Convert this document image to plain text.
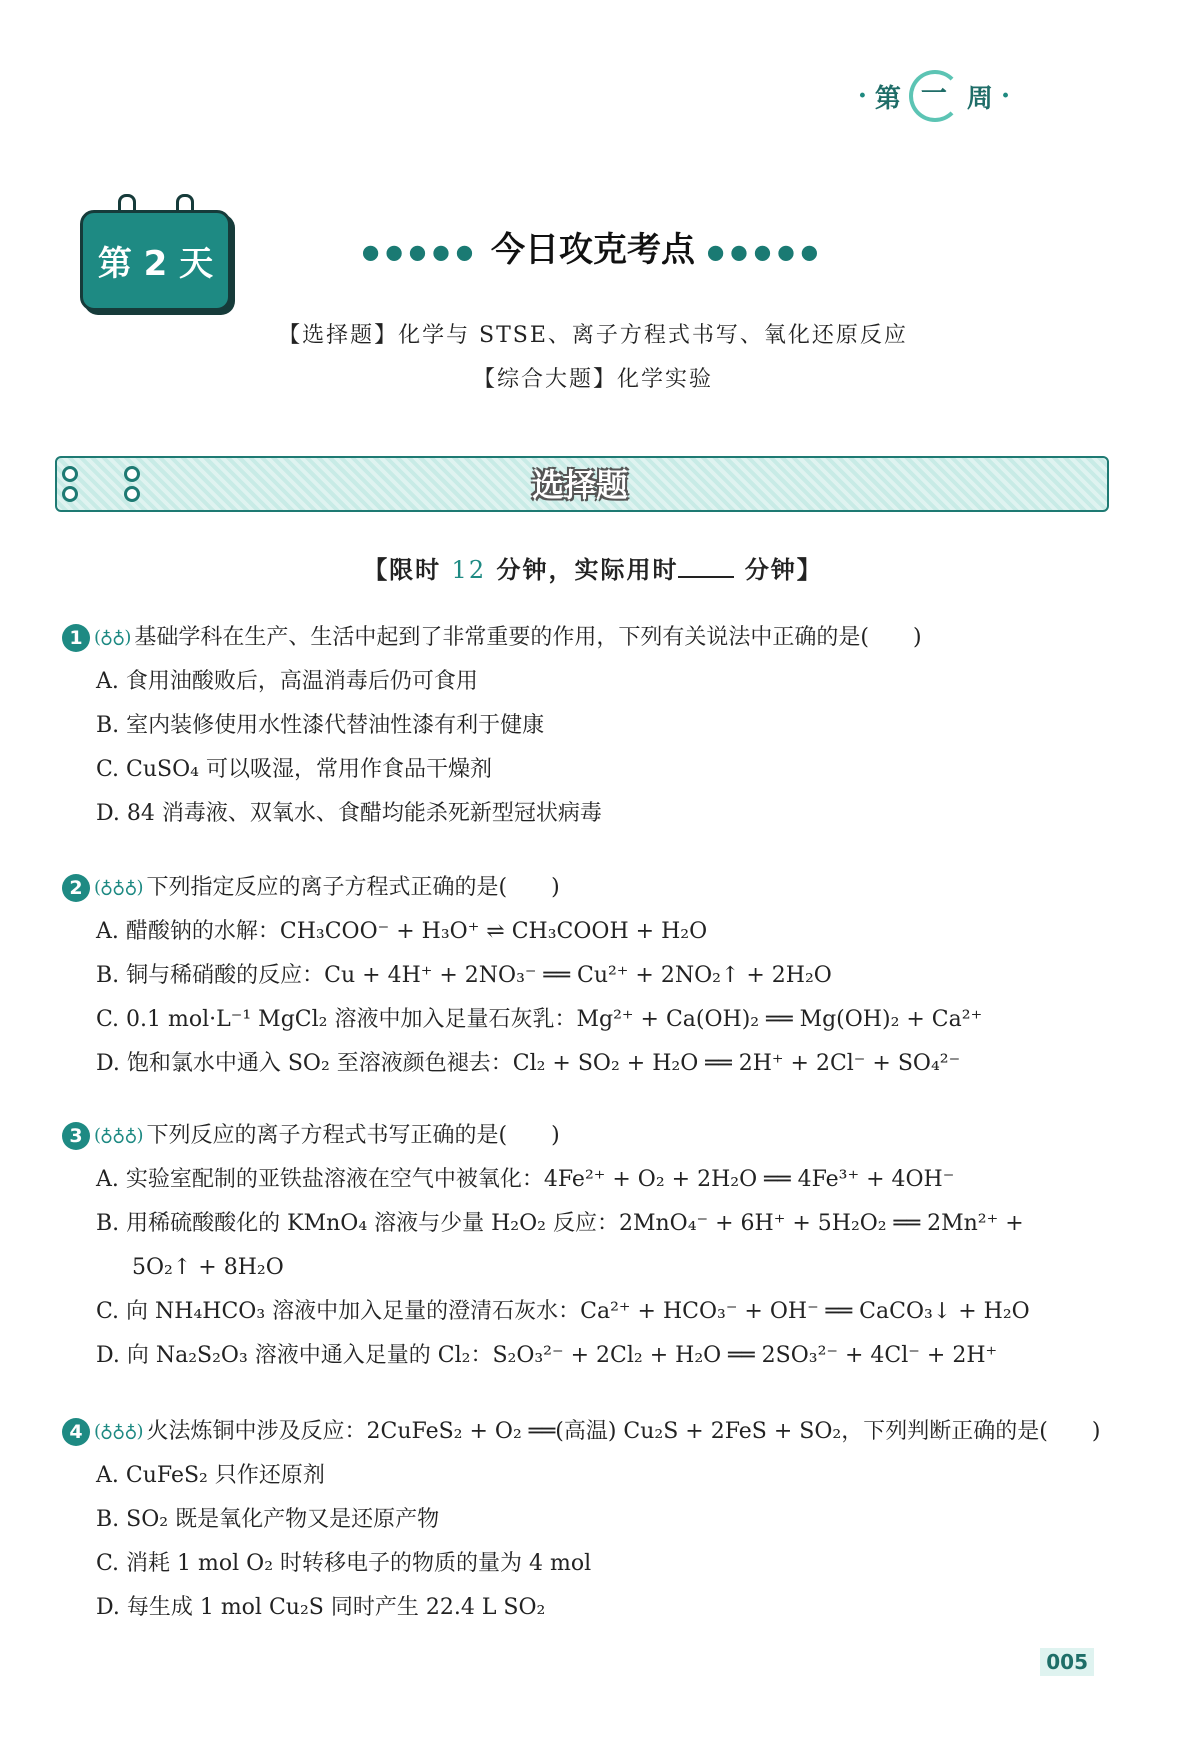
· 第 一 周 ·
第 2 天	●●●●● 今日攻克考点 ●●●●●
【选择题】化学与 STSE、离子方程式书写、氧化还原反应
【综合大题】化学实验
选择题
【限时 12 分钟，实际用时	分钟】
1 (♁♁) 基础学科在生产、生活中起到了非常重要的作用，下列有关说法中正确的是(　　)
A. 食用油酸败后，高温消毒后仍可食用
B. 室内装修使用水性漆代替油性漆有利于健康
C. CuSO₄ 可以吸湿，常用作食品干燥剂
D. 84 消毒液、双氧水、食醋均能杀死新型冠状病毒
2 (♁♁♁) 下列指定反应的离子方程式正确的是(　　)
A. 醋酸钠的水解：CH₃COO⁻ + H₃O⁺ ⇌ CH₃COOH + H₂O
B. 铜与稀硝酸的反应：Cu + 4H⁺ + 2NO₃⁻ ══ Cu²⁺ + 2NO₂↑ + 2H₂O
C. 0.1 mol·L⁻¹ MgCl₂ 溶液中加入足量石灰乳：Mg²⁺ + Ca(OH)₂ ══ Mg(OH)₂ + Ca²⁺
D. 饱和氯水中通入 SO₂ 至溶液颜色褪去：Cl₂ + SO₂ + H₂O ══ 2H⁺ + 2Cl⁻ + SO₄²⁻
3 (♁♁♁) 下列反应的离子方程式书写正确的是(　　)
A. 实验室配制的亚铁盐溶液在空气中被氧化：4Fe²⁺ + O₂ + 2H₂O ══ 4Fe³⁺ + 4OH⁻
B. 用稀硫酸酸化的 KMnO₄ 溶液与少量 H₂O₂ 反应：2MnO₄⁻ + 6H⁺ + 5H₂O₂ ══ 2Mn²⁺ +
5O₂↑ + 8H₂O
C. 向 NH₄HCO₃ 溶液中加入足量的澄清石灰水：Ca²⁺ + HCO₃⁻ + OH⁻ ══ CaCO₃↓ + H₂O
D. 向 Na₂S₂O₃ 溶液中通入足量的 Cl₂：S₂O₃²⁻ + 2Cl₂ + H₂O ══ 2SO₃²⁻ + 4Cl⁻ + 2H⁺
4 (♁♁♁) 火法炼铜中涉及反应：2CuFeS₂ + O₂ ══(高温) Cu₂S + 2FeS + SO₂，下列判断正确的是(　　)
A. CuFeS₂ 只作还原剂
B. SO₂ 既是氧化产物又是还原产物
C. 消耗 1 mol O₂ 时转移电子的物质的量为 4 mol
D. 每生成 1 mol Cu₂S 同时产生 22.4 L SO₂
005
